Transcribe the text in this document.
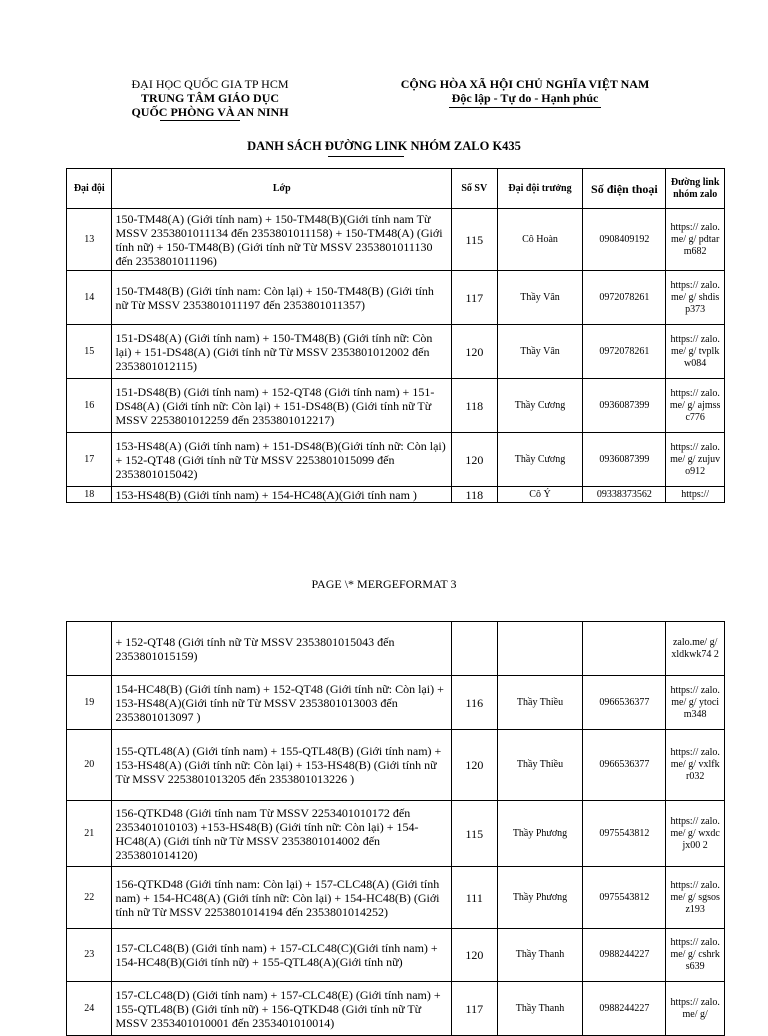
ĐẠI HỌC QUỐC GIA TP HCM
TRUNG TÂM GIÁO DỤC
QUỐC PHÒNG VÀ AN NINH
CỘNG HÒA XÃ HỘI CHỦ NGHĨA VIỆT NAM
Độc lập - Tự do - Hạnh phúc
DANH SÁCH ĐƯỜNG LINK NHÓM ZALO K435
Đại đội	Lớp	Số SV	Đại đội trưởng	Số điện thoại	Đường link nhóm zalo
13	150-TM48(A) (Giới tính nam) + 150-TM48(B)(Giới tính nam Từ MSSV 2353801011134 đến 2353801011158) + 150-TM48(A) (Giới tính nữ) + 150-TM48(B) (Giới tính nữ Từ MSSV 2353801011130 đến 2353801011196)	115	Cô Hoàn	0908409192	https:// zalo.me/ g/ pdtarm682
14	150-TM48(B) (Giới tính nam: Còn lại) + 150-TM48(B) (Giới tính nữ Từ MSSV 2353801011197 đến 2353801011357)	117	Thầy Vân	0972078261	https:// zalo.me/ g/ shdisp373
15	151-DS48(A) (Giới tính nam) + 150-TM48(B) (Giới tính nữ: Còn lại) + 151-DS48(A) (Giới tính nữ Từ MSSV 2353801012002 đến 2353801012115)	120	Thầy Vân	0972078261	https:// zalo.me/ g/ tvplkw084
16	151-DS48(B) (Giới tính nam) + 152-QT48 (Giới tính nam) + 151-DS48(A) (Giới tính nữ: Còn lại) + 151-DS48(B) (Giới tính nữ Từ MSSV 2253801012259 đến 2353801012217)	118	Thầy Cương	0936087399	https:// zalo.me/ g/ ajmssc776
17	153-HS48(A) (Giới tính nam) + 151-DS48(B)(Giới tính nữ: Còn lại) + 152-QT48 (Giới tính nữ Từ MSSV 2253801015099 đến 2353801015042)	120	Thầy Cương	0936087399	https:// zalo.me/ g/ zujuvo912
18	153-HS48(B) (Giới tính nam) + 154-HC48(A)(Giới tính nam )	118	Cô Ý	09338373562	https://
PAGE \* MERGEFORMAT 3
	+ 152-QT48 (Giới tính nữ Từ MSSV 2353801015043 đến 2353801015159)				zalo.me/ g/ xldkwk74 2
19	154-HC48(B) (Giới tính nam) + 152-QT48 (Giới tính nữ: Còn lại) + 153-HS48(A)(Giới tính nữ Từ MSSV 2353801013003 đến 2353801013097 )	116	Thầy Thiều	0966536377	https:// zalo.me/ g/ ytocim348
20	155-QTL48(A) (Giới tính nam) + 155-QTL48(B) (Giới tính nam) + 153-HS48(A) (Giới tính nữ: Còn lại) + 153-HS48(B) (Giới tính nữ Từ MSSV 2253801013205 đến 2353801013226 )	120	Thầy Thiều	0966536377	https:// zalo.me/ g/ vxlfkr032
21	156-QTKD48 (Giới tính nam Từ MSSV 2253401010172 đến 2353401010103) +153-HS48(B) (Giới tính nữ: Còn lại) + 154-HC48(A) (Giới tính nữ Từ MSSV 2353801014002 đến 2353801014120)	115	Thầy Phương	0975543812	https:// zalo.me/ g/ wxdcjx00 2
22	156-QTKD48 (Giới tính nam: Còn lại) + 157-CLC48(A) (Giới tính nam) + 154-HC48(A) (Giới tính nữ: Còn lại) + 154-HC48(B) (Giới tính nữ Từ MSSV 2253801014194 đến 2353801014252)	111	Thầy Phương	0975543812	https:// zalo.me/ g/ sgsosz193
23	157-CLC48(B) (Giới tính nam) + 157-CLC48(C)(Giới tính nam) + 154-HC48(B)(Giới tính nữ) + 155-QTL48(A)(Giới tính nữ)	120	Thầy Thanh	0988244227	https:// zalo.me/ g/ cshrks639
24	157-CLC48(D) (Giới tính nam) + 157-CLC48(E) (Giới tính nam) + 155-QTL48(B) (Giới tính nữ) + 156-QTKD48 (Giới tính nữ Từ MSSV 2353401010001 đến 2353401010014)	117	Thầy Thanh	0988244227	https:// zalo.me/ g/
